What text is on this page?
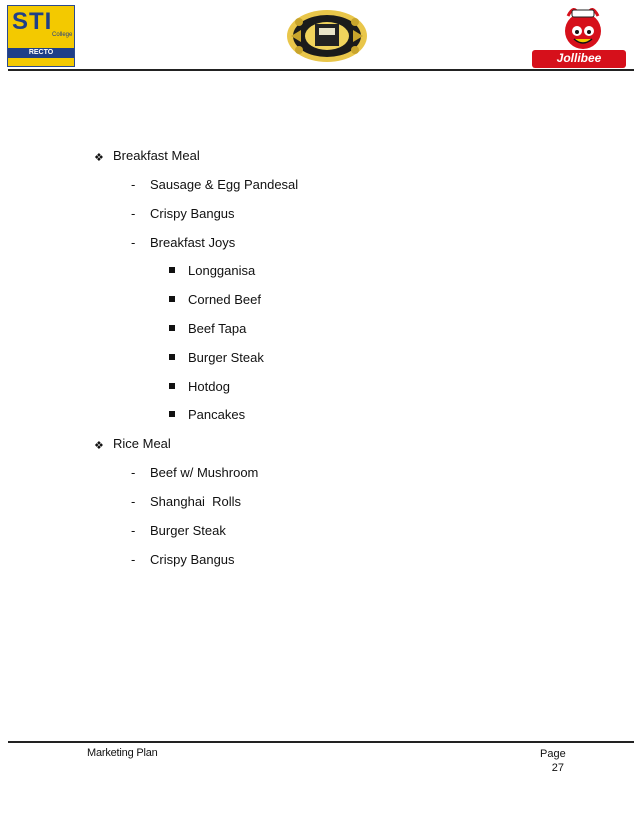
STI College
RECTO	Jollibee
❖ Breakfast Meal
- Sausage & Egg Pandesal
- Crispy Bangus
- Breakfast Joys
Longganisa
Corned Beef
Beef Tapa
Burger Steak
Hotdog
Pancakes
❖ Rice Meal
- Beef w/ Mushroom
- Shanghai  Rolls
- Burger Steak
- Crispy Bangus
Marketing Plan	Page
27
